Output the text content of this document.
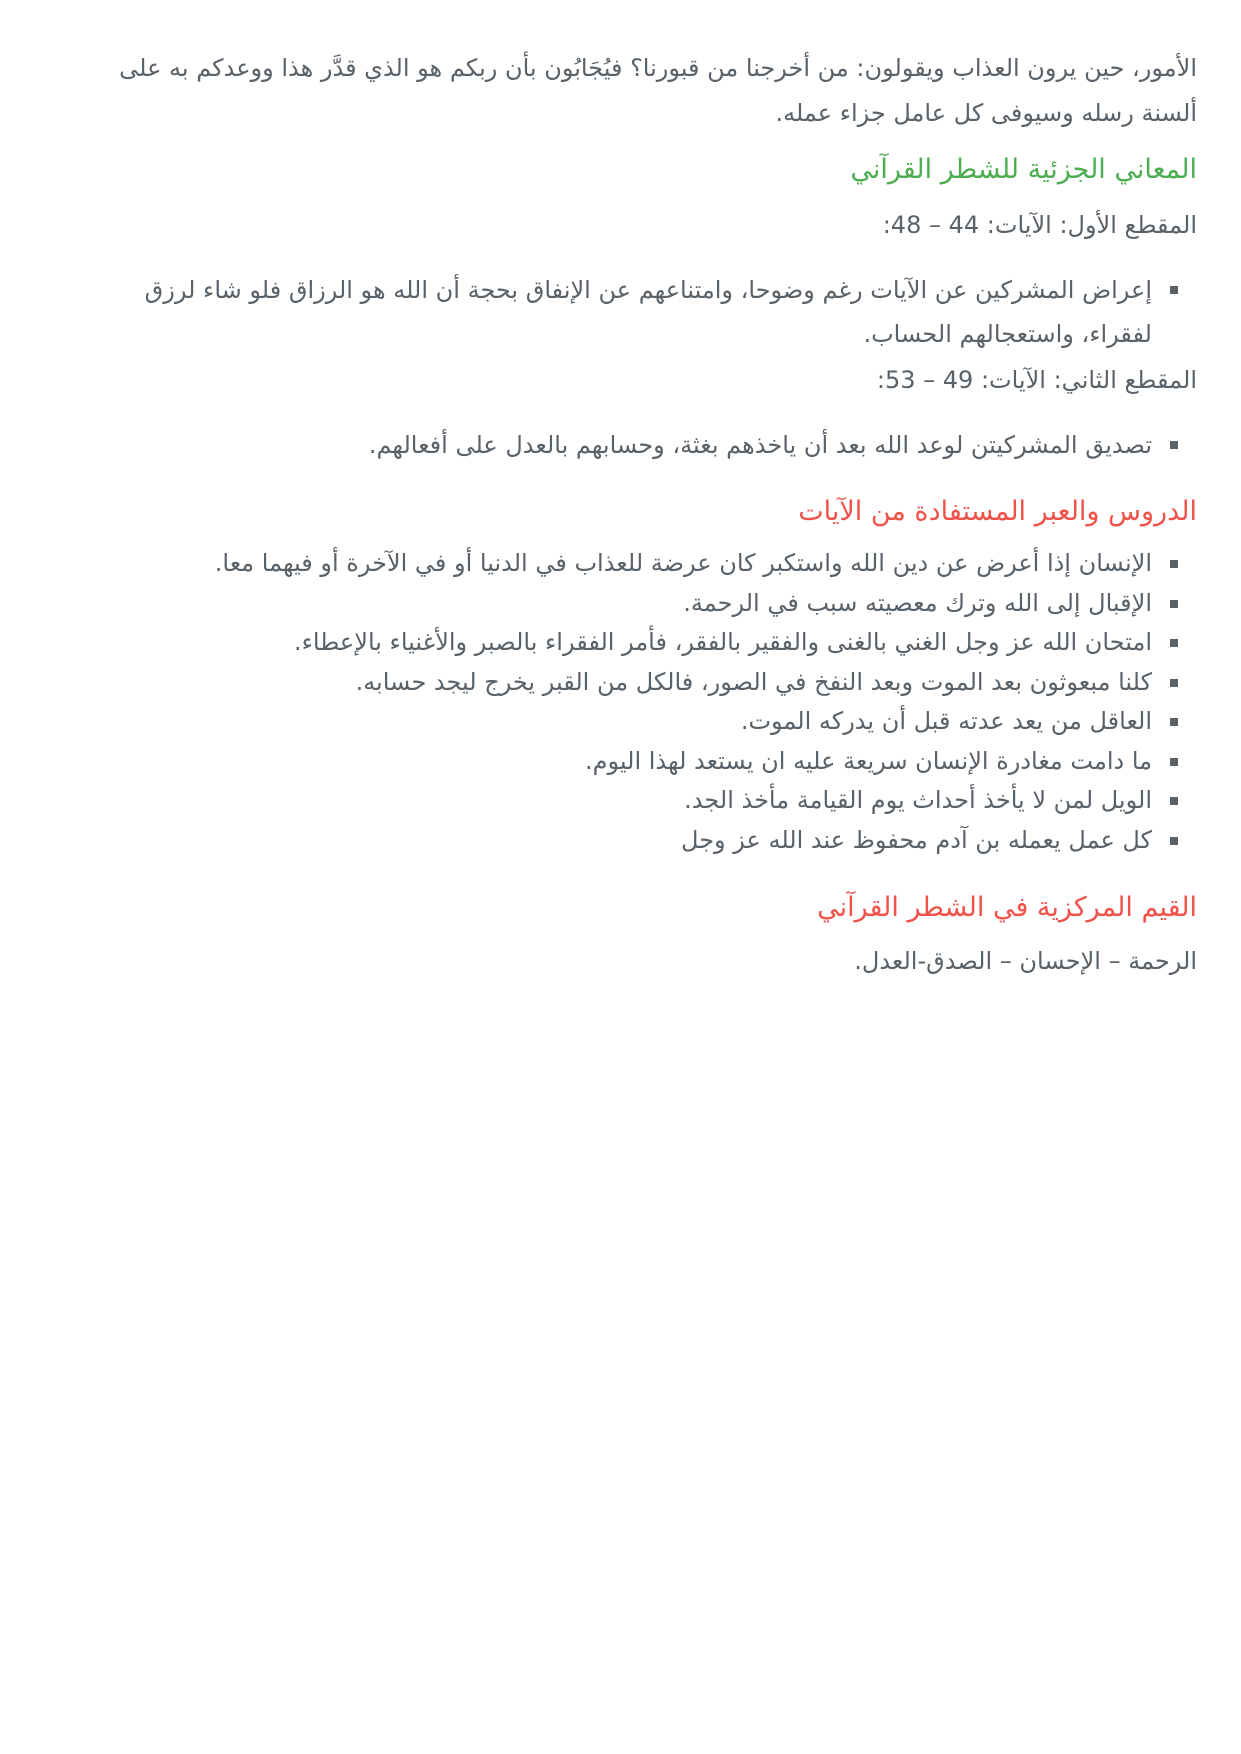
الأمور، حين يرون العذاب ويقولون: من أخرجنا من قبورنا؟ فيُجَابُون بأن ربكم هو الذي قدَّر هذا ووعدكم به على ألسنة رسله وسيوفى كل عامل جزاء عمله.

المعاني الجزئية للشطر القرآني

المقطع الأول: الآيات: 44 – 48:

إعراض المشركين عن الآيات رغم وضوحا، وامتناعهم عن الإنفاق بحجة أن الله هو الرزاق فلو شاء لرزق لفقراء، واستعجالهم الحساب.

المقطع الثاني: الآيات: 49 – 53:

تصديق المشركيتن لوعد الله بعد أن ياخذهم بغثة، وحسابهم بالعدل على أفعالهم.
الدروس والعبر المستفادة من الآيات
الإنسان إذا أعرض عن دين الله واستكبر كان عرضة للعذاب في الدنيا أو في الآخرة أو فيهما معا.
الإقبال إلى الله وترك معصيته سبب في الرحمة.
امتحان الله عز وجل الغني بالغنى والفقير بالفقر، فأمر الفقراء بالصبر والأغنياء بالإعطاء.
كلنا مبعوثون بعد الموت وبعد النفخ في الصور، فالكل من القبر يخرج ليجد حسابه.
العاقل من يعد عدته قبل أن يدركه الموت.
ما دامت مغادرة الإنسان سريعة عليه ان يستعد لهذا اليوم.
الويل لمن لا يأخذ أحداث يوم القيامة مأخذ الجد.
كل عمل يعمله بن آدم محفوظ عند الله عز وجل
القيم المركزية في الشطر القرآني

الرحمة – الإحسان – الصدق-العدل.
